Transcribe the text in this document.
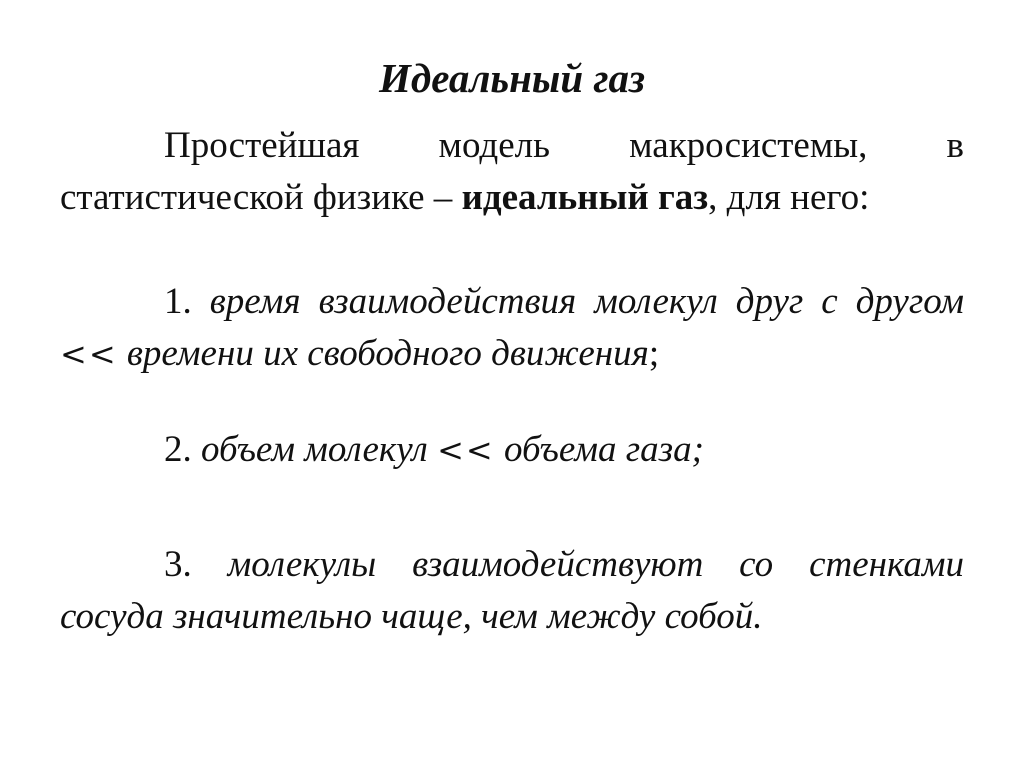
Идеальный газ

Простейшая модель макросистемы, в статистической физике – идеальный газ, для него:

1. время взаимодействия молекул друг с другом << времени их свободного движения;

2. объем молекул << объема газа;

3. молекулы взаимодействуют со стенками сосуда значительно чаще, чем между собой.
